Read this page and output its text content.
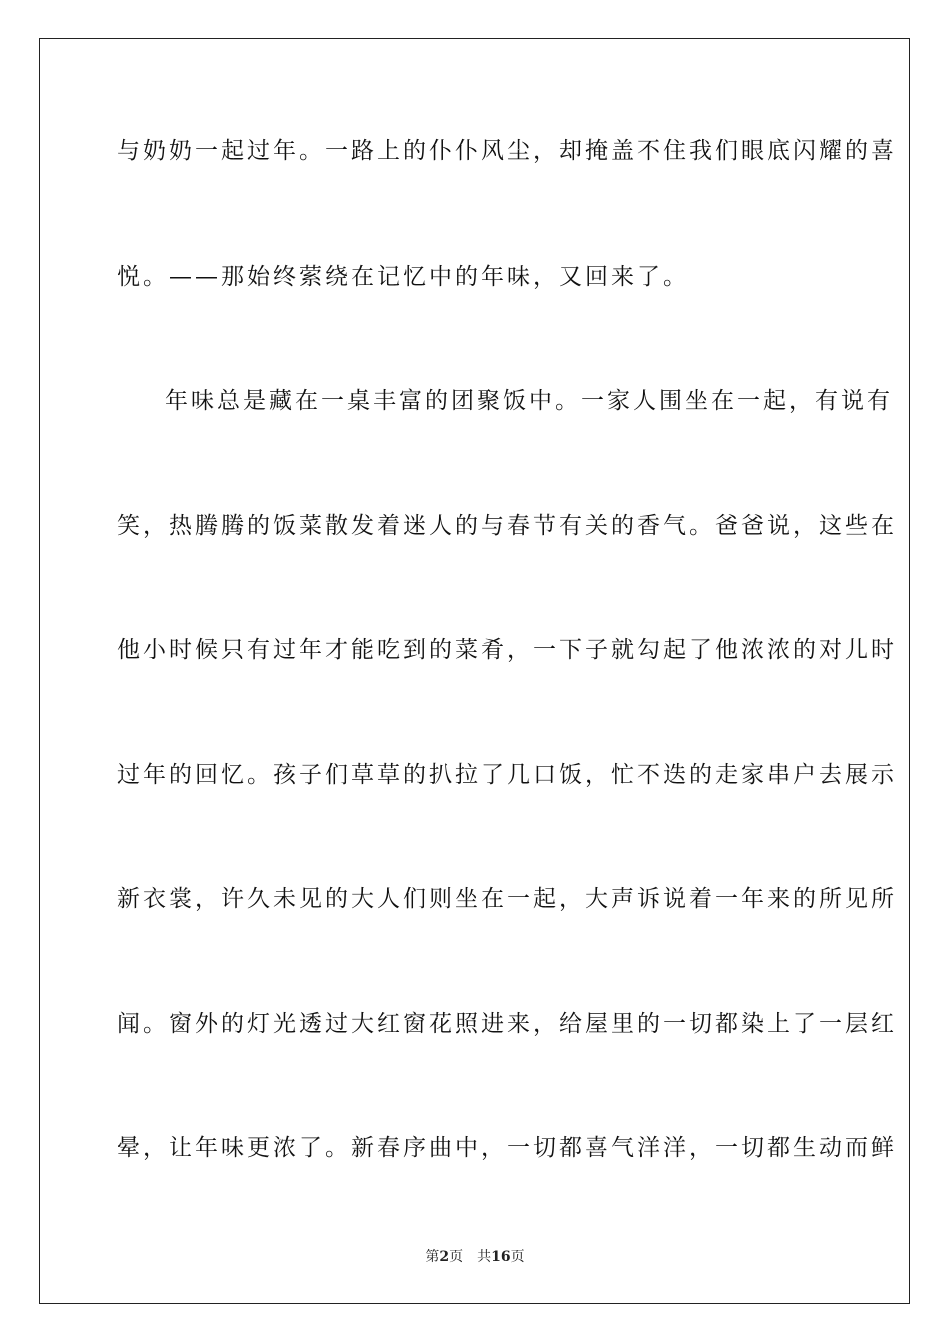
与奶奶一起过年。一路上的仆仆风尘，却掩盖不住我们眼底闪耀的喜
悦。——那始终萦绕在记忆中的年味，又回来了。
年味总是藏在一桌丰富的团聚饭中。一家人围坐在一起，有说有
笑，热腾腾的饭菜散发着迷人的与春节有关的香气。爸爸说，这些在
他小时候只有过年才能吃到的菜肴，一下子就勾起了他浓浓的对儿时
过年的回忆。孩子们草草的扒拉了几口饭，忙不迭的走家串户去展示
新衣裳，许久未见的大人们则坐在一起，大声诉说着一年来的所见所
闻。窗外的灯光透过大红窗花照进来，给屋里的一切都染上了一层红
晕，让年味更浓了。新春序曲中，一切都喜气洋洋，一切都生动而鲜
第2页 共16页
